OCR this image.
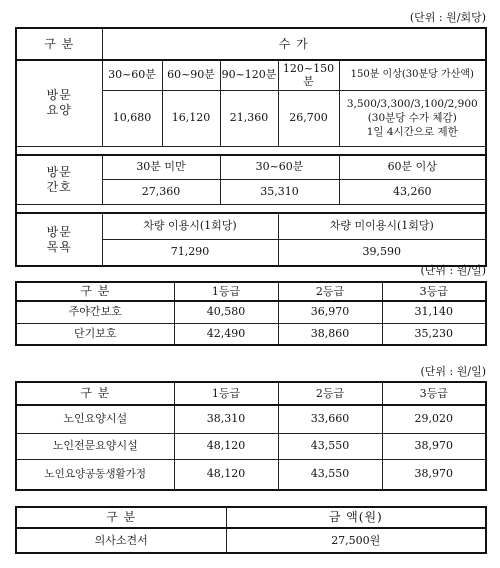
(단위 : 원/회당)
(단위 : 원/일)
(단위 : 원/일)
구 분	수 가				
방문
요양	30~60분	60~90분	90~120분	120~150분	150분 이상(30분당 가산액)
	10,680	16,120	21,360	26,700	3,500/3,300/3,100/2,900
(30분당 수가 체감)
1일 4시간으로 제한

방문
간호	30분 미만		30~60분		60분 이상
	27,360		35,310		43,260

방문
목욕	차량 이용시(1회당)			차량 미이용시(1회당)	
	71,290			39,590	
구 분	1등급	2등급	3등급
주야간보호	40,580	36,970	31,140
단기보호	42,490	38,860	35,230
구 분	1등급	2등급	3등급
노인요양시설	38,310	33,660	29,020
노인전문요양시설	48,120	43,550	38,970
노인요양공동생활가정	48,120	43,550	38,970
구 분	금 액(원)
의사소견서	27,500원
